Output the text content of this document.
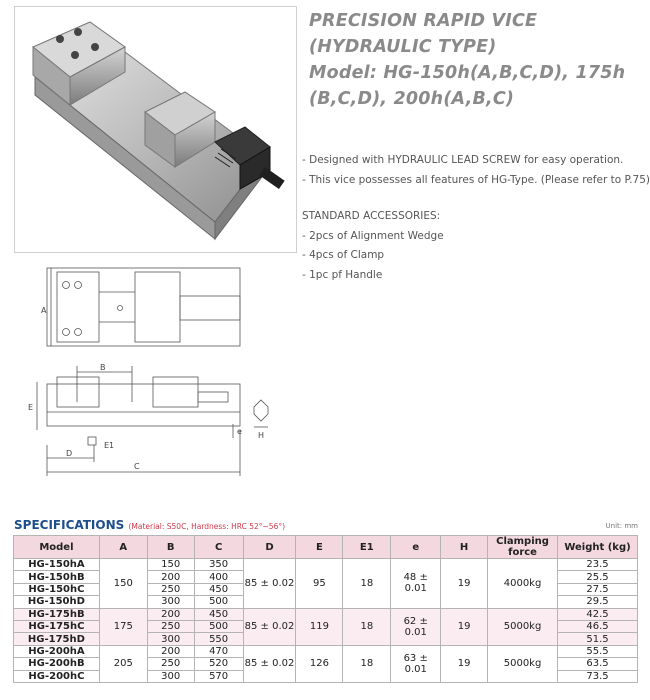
PRECISION RAPID VICE
(HYDRAULIC TYPE)
Model: HG-150h(A,B,C,D), 175h
(B,C,D), 200h(A,B,C)
- Designed with HYDRAULIC LEAD SCREW for easy operation.
- This vice possesses all features of HG-Type. (Please refer to P.75)
STANDARD ACCESSORIES:
- 2pcs of Alignment Wedge
- 4pcs of Clamp
- 1pc pf Handle
A
B
C
D
E
E1
e H
SPECIFICATIONS (Material: S50C, Hardness: HRC 52°~56°)	Unit: mm
Model	A	B	C	D	E	E1	e	H	Clamping force	Weight (kg)
HG-150hA	150	150	350	85 ± 0.02	95	18	48 ± 0.01	19	4000kg	23.5
HG-150hB		200	400							25.5
HG-150hC		250	450							27.5
HG-150hD		300	500							29.5
HG-175hB	175	200	450	85 ± 0.02	119	18	62 ± 0.01	19	5000kg	42.5
HG-175hC		250	500							46.5
HG-175hD		300	550							51.5
HG-200hA	205	200	470	85 ± 0.02	126	18	63 ± 0.01	19	5000kg	55.5
HG-200hB		250	520							63.5
HG-200hC		300	570							73.5
